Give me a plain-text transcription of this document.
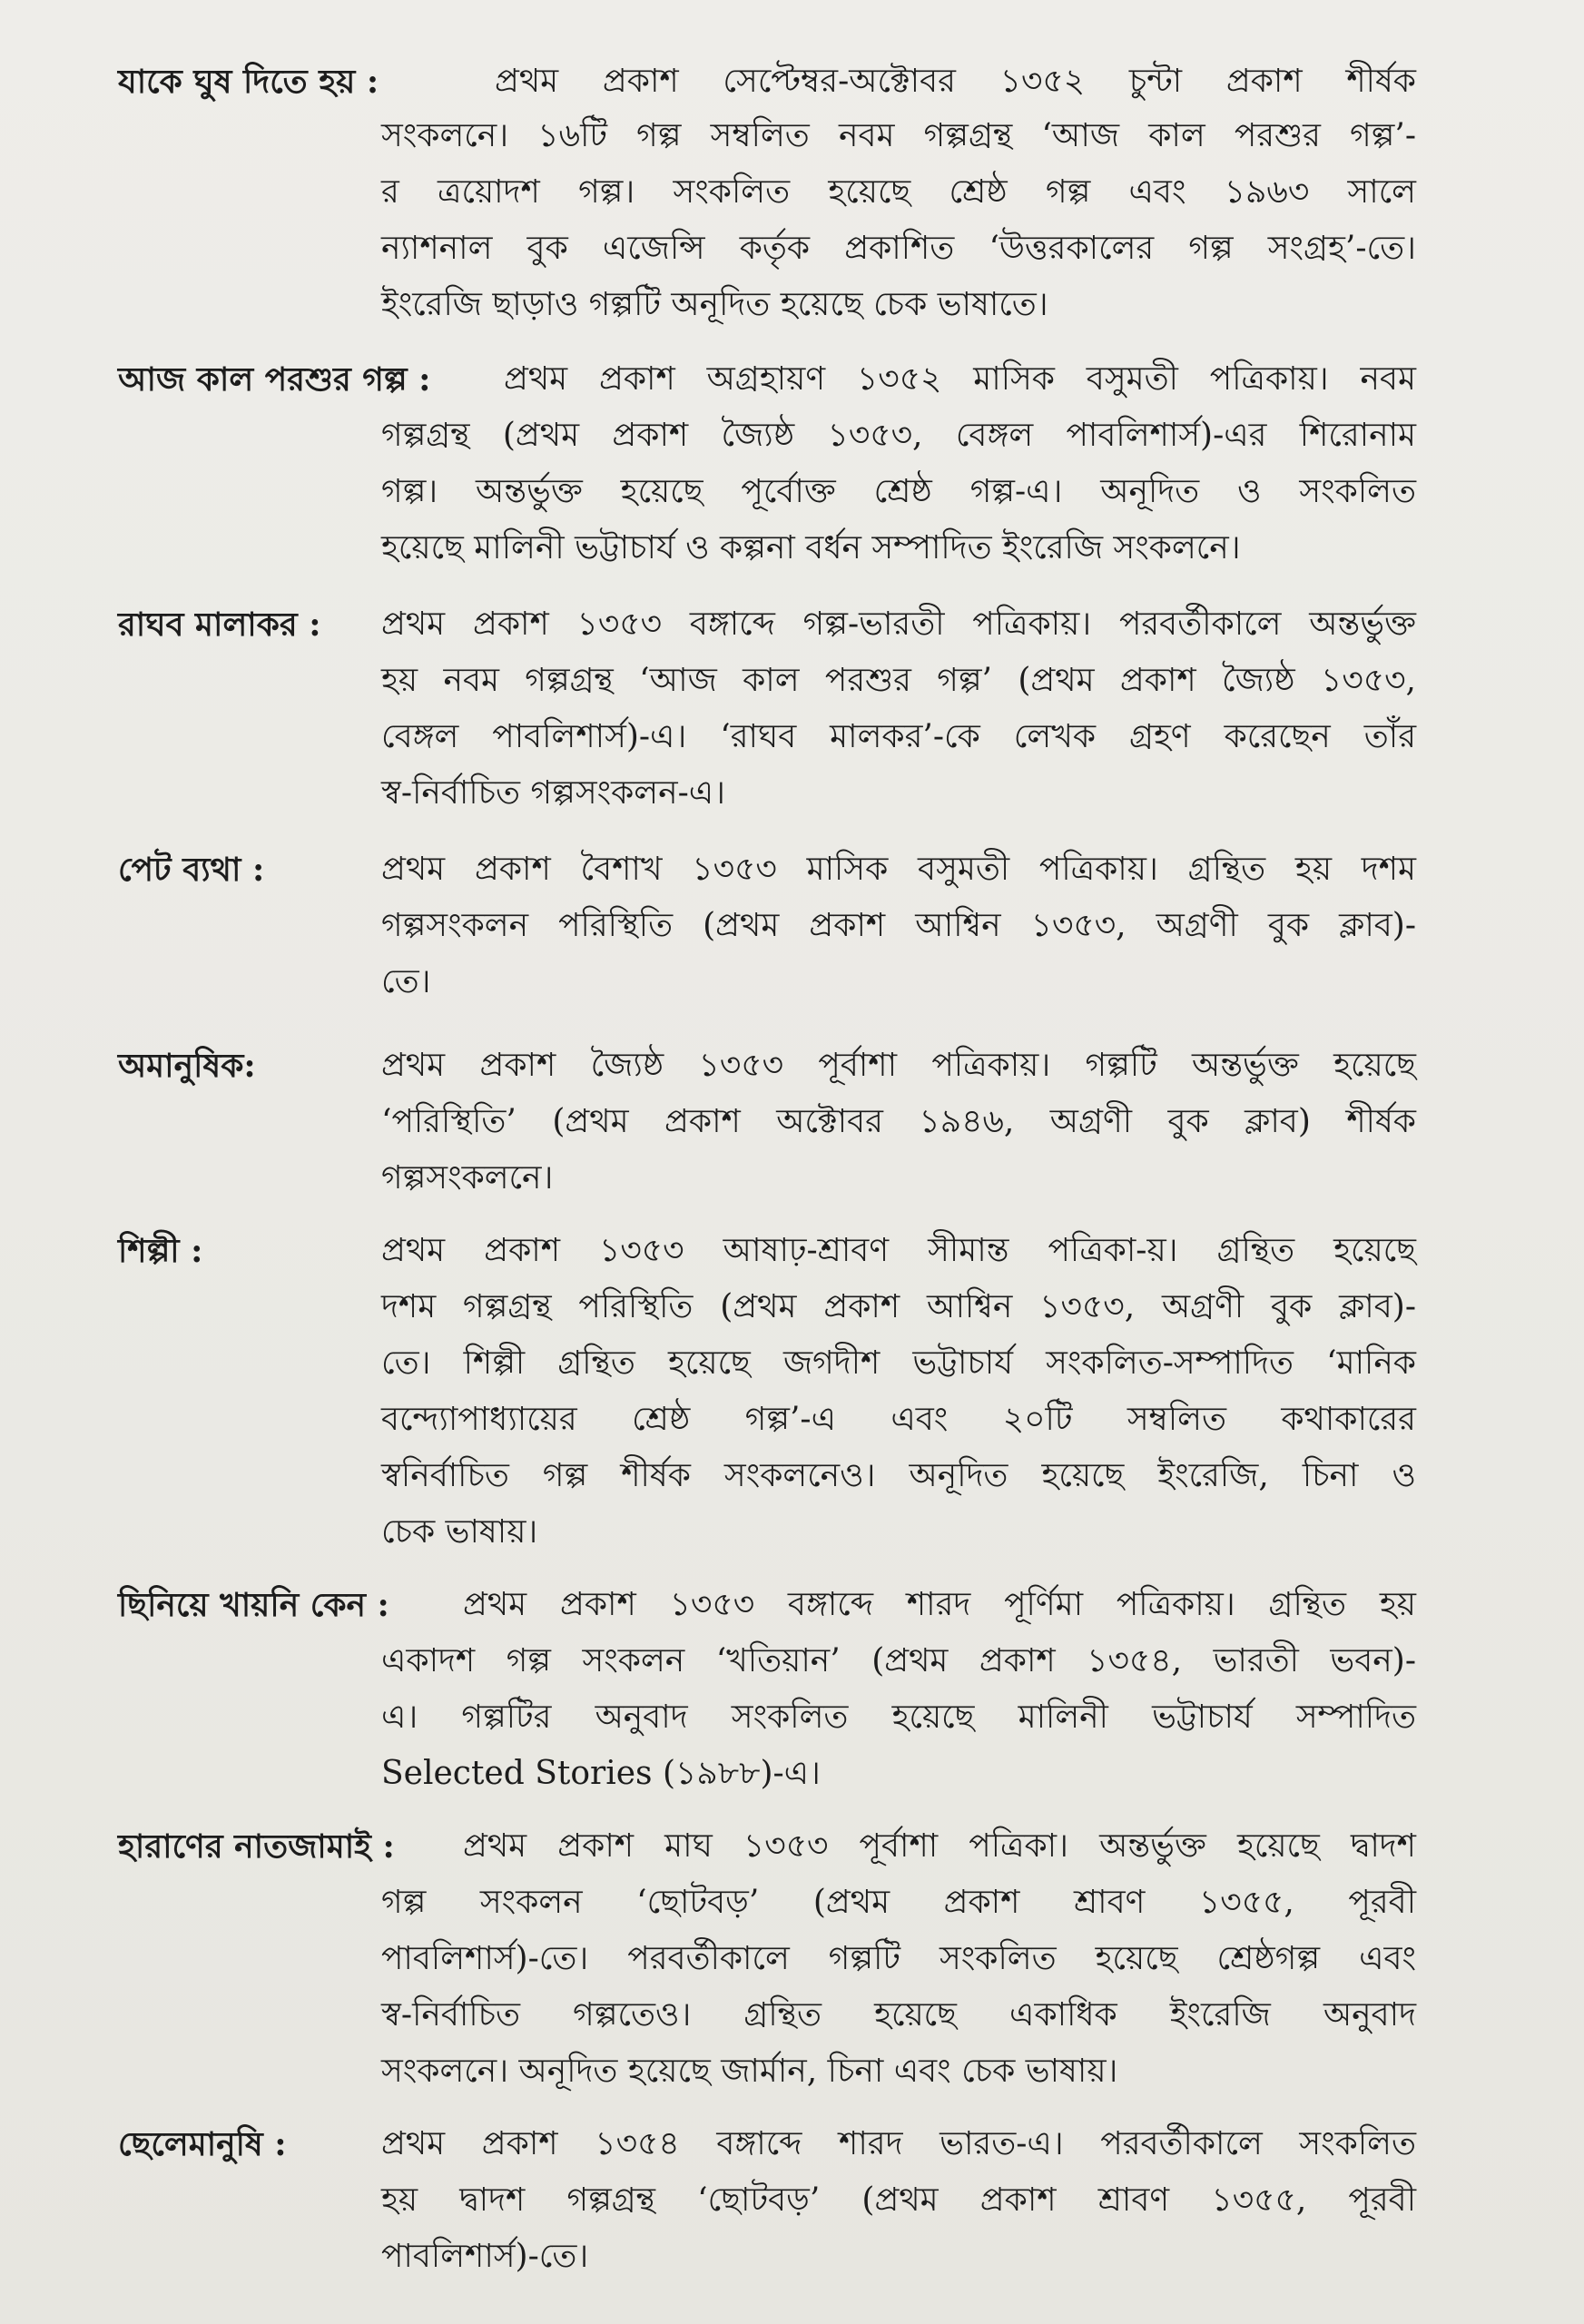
যাকে ঘুষ দিতে হয় :	প্রথম প্রকাশ সেপ্টেম্বর-অক্টোবর ১৩৫২ চুন্টা প্রকাশ শীর্ষক
সংকলনে। ১৬টি গল্প সম্বলিত নবম গল্পগ্রন্থ ‘আজ কাল পরশুর গল্প’-
র ত্রয়োদশ গল্প। সংকলিত হয়েছে শ্রেষ্ঠ গল্প এবং ১৯৬৩ সালে
ন্যাশনাল বুক এজেন্সি কর্তৃক প্রকাশিত ‘উত্তরকালের গল্প সংগ্রহ’-তে।
ইংরেজি ছাড়াও গল্পটি অনূদিত হয়েছে চেক ভাষাতে।
আজ কাল পরশুর গল্প : প্রথম প্রকাশ অগ্রহায়ণ ১৩৫২ মাসিক বসুমতী পত্রিকায়। নবম
গল্পগ্রন্থ (প্রথম প্রকাশ জ্যৈষ্ঠ ১৩৫৩, বেঙ্গল পাবলিশার্স)-এর শিরোনাম
গল্প। অন্তর্ভুক্ত হয়েছে পূর্বোক্ত শ্রেষ্ঠ গল্প-এ। অনূদিত ও সংকলিত
হয়েছে মালিনী ভট্টাচার্য ও কল্পনা বর্ধন সম্পাদিত ইংরেজি সংকলনে।
রাঘব মালাকর : প্রথম প্রকাশ ১৩৫৩ বঙ্গাব্দে গল্প-ভারতী পত্রিকায়। পরবর্তীকালে অন্তর্ভুক্ত
হয় নবম গল্পগ্রন্থ ‘আজ কাল পরশুর গল্প’ (প্রথম প্রকাশ জ্যৈষ্ঠ ১৩৫৩,
বেঙ্গল পাবলিশার্স)-এ। ‘রাঘব মালকর’-কে লেখক গ্রহণ করেছেন তাঁর
স্ব-নির্বাচিত গল্পসংকলন-এ।
পেট ব্যথা :	প্রথম প্রকাশ বৈশাখ ১৩৫৩ মাসিক বসুমতী পত্রিকায়। গ্রন্থিত হয় দশম
গল্পসংকলন পরিস্থিতি (প্রথম প্রকাশ আশ্বিন ১৩৫৩, অগ্রণী বুক ক্লাব)-
তে।
অমানুষিক:	প্রথম প্রকাশ জ্যৈষ্ঠ ১৩৫৩ পূর্বাশা পত্রিকায়। গল্পটি অন্তর্ভুক্ত হয়েছে
‘পরিস্থিতি’ (প্রথম প্রকাশ অক্টোবর ১৯৪৬, অগ্রণী বুক ক্লাব) শীর্ষক
গল্পসংকলনে।
শিল্পী :	প্রথম প্রকাশ ১৩৫৩ আষাঢ়-শ্রাবণ সীমান্ত পত্রিকা-য়। গ্রন্থিত হয়েছে
দশম গল্পগ্রন্থ পরিস্থিতি (প্রথম প্রকাশ আশ্বিন ১৩৫৩, অগ্রণী বুক ক্লাব)-
তে। শিল্পী গ্রন্থিত হয়েছে জগদীশ ভট্টাচার্য সংকলিত-সম্পাদিত ‘মানিক
বন্দ্যোপাধ্যায়ের শ্রেষ্ঠ গল্প’-এ এবং ২০টি সম্বলিত কথাকারের
স্বনির্বাচিত গল্প শীর্ষক সংকলনেও। অনূদিত হয়েছে ইংরেজি, চিনা ও
চেক ভাষায়।
ছিনিয়ে খায়নি কেন : প্রথম প্রকাশ ১৩৫৩ বঙ্গাব্দে শারদ পূর্ণিমা পত্রিকায়। গ্রন্থিত হয়
একাদশ গল্প সংকলন ‘খতিয়ান’ (প্রথম প্রকাশ ১৩৫৪, ভারতী ভবন)-
এ। গল্পটির অনুবাদ সংকলিত হয়েছে মালিনী ভট্টাচার্য সম্পাদিত
Selected Stories (১৯৮৮)-এ।
হারাণের নাতজামাই : প্রথম প্রকাশ মাঘ ১৩৫৩ পূর্বাশা পত্রিকা। অন্তর্ভুক্ত হয়েছে দ্বাদশ
গল্প সংকলন ‘ছোটবড়’ (প্রথম প্রকাশ শ্রাবণ ১৩৫৫, পূরবী
পাবলিশার্স)-তে। পরবর্তীকালে গল্পটি সংকলিত হয়েছে শ্রেষ্ঠগল্প এবং
স্ব-নির্বাচিত গল্পতেও। গ্রন্থিত হয়েছে একাধিক ইংরেজি অনুবাদ
সংকলনে। অনূদিত হয়েছে জার্মান, চিনা এবং চেক ভাষায়।
ছেলেমানুষি :	প্রথম প্রকাশ ১৩৫৪ বঙ্গাব্দে শারদ ভারত-এ। পরবর্তীকালে সংকলিত
হয় দ্বাদশ গল্পগ্রন্থ ‘ছোটবড়’ (প্রথম প্রকাশ শ্রাবণ ১৩৫৫, পূরবী
পাবলিশার্স)-তে।
